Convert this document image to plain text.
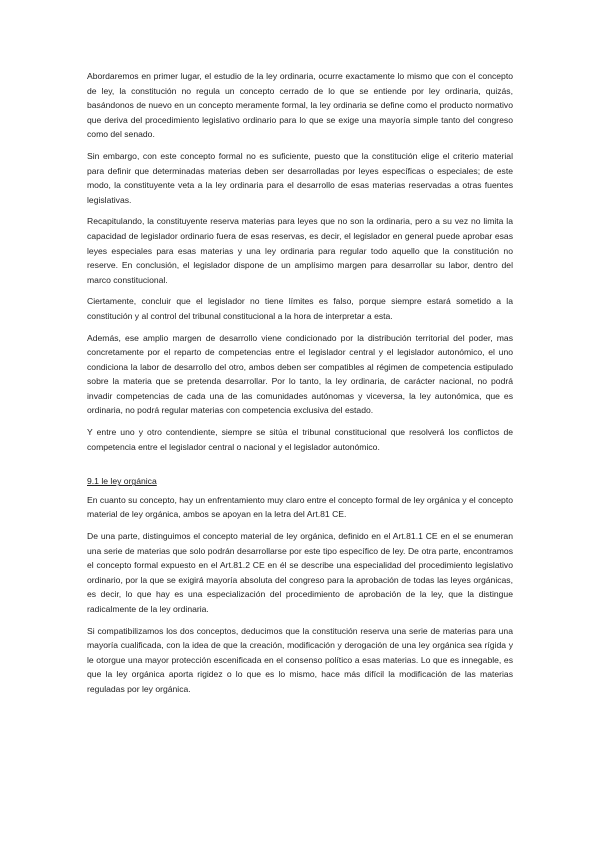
Abordaremos en primer lugar, el estudio de la ley ordinaria, ocurre exactamente lo mismo que con el concepto de ley, la constitución no regula un concepto cerrado de lo que se entiende por ley ordinaria, quizás, basándonos de nuevo en un concepto meramente formal, la ley ordinaria se define como el producto normativo que deriva del procedimiento legislativo ordinario para lo que se exige una mayoría simple tanto del congreso como del senado.

Sin embargo, con este concepto formal no es suficiente, puesto que la constitución elige el criterio material para definir que determinadas materias deben ser desarrolladas por leyes específicas o especiales; de este modo, la constituyente veta a la ley ordinaria para el desarrollo de esas materias reservadas a otras fuentes legislativas.

Recapitulando, la constituyente reserva materias para leyes que no son la ordinaria, pero a su vez no limita la capacidad de legislador ordinario fuera de esas reservas, es decir, el legislador en general puede aprobar esas leyes especiales para esas materias y una ley ordinaria para regular todo aquello que la constitución no reserve. En conclusión, el legislador dispone de un amplísimo margen para desarrollar su labor, dentro del marco constitucional.

Ciertamente, concluir que el legislador no tiene límites es falso, porque siempre estará sometido a la constitución y al control del tribunal constitucional a la hora de interpretar a esta.

Además, ese amplio margen de desarrollo viene condicionado por la distribución territorial del poder, mas concretamente por el reparto de competencias entre el legislador central y el legislador autonómico, el uno condiciona la labor de desarrollo del otro, ambos deben ser compatibles al régimen de competencia estipulado sobre la materia que se pretenda desarrollar. Por lo tanto, la ley ordinaria, de carácter nacional, no podrá invadir competencias de cada una de las comunidades autónomas y viceversa, la ley autonómica, que es ordinaria, no podrá regular materias con competencia exclusiva del estado.

Y entre uno y otro contendiente, siempre se sitúa el tribunal constitucional que resolverá los conflictos de competencia entre el legislador central o nacional y el legislador autonómico.

9.1 le ley orgánica

En cuanto su concepto, hay un enfrentamiento muy claro entre el concepto formal de ley orgánica y el concepto material de ley orgánica, ambos se apoyan en la letra del Art.81 CE.

De una parte, distinguimos el concepto material de ley orgánica, definido en el Art.81.1 CE en el se enumeran una serie de materias que solo podrán desarrollarse por este tipo específico de ley. De otra parte, encontramos el concepto formal expuesto en el Art.81.2 CE en él se describe una especialidad del procedimiento legislativo ordinario, por la que se exigirá mayoría absoluta del congreso para la aprobación de todas las leyes orgánicas, es decir, lo que hay es una especialización del procedimiento de aprobación de la ley, que la distingue radicalmente de la ley ordinaria.

Si compatibilizamos los dos conceptos, deducimos que la constitución reserva una serie de materias para una mayoría cualificada, con la idea de que la creación, modificación y derogación de una ley orgánica sea rígida y le otorgue una mayor protección escenificada en el consenso político a esas materias. Lo que es innegable, es que la ley orgánica aporta rigidez o lo que es lo mismo, hace más difícil la modificación de las materias reguladas por ley orgánica.
